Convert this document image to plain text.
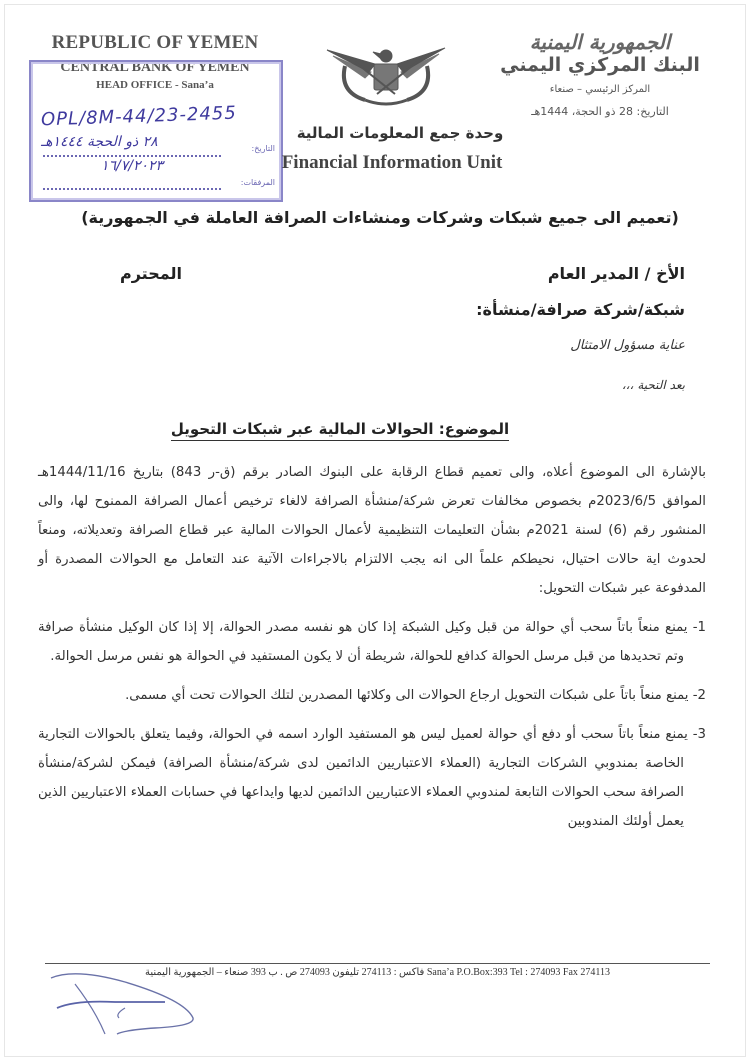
REPUBLIC OF YEMEN
CENTRAL BANK OF YEMEN
HEAD OFFICE - Sana’a
OPL/8M-44/23-2455
٢٨ ذو الحجة ١٤٤٤هـ	التاريخ:
١٦/٧/٢٠٢٣
المرفقات:
الجمهورية اليمنية
البنك المركزي اليمني
المركز الرئيسي – صنعاء
التاريخ: 28 ذو الحجة، 1444هـ
وحدة جمع المعلومات المالية
Financial Information Unit
(تعميم الى جميع شبكات وشركات ومنشاءات الصرافة العاملة في الجمهورية)
الأخ / المدير العام
المحترم
شبكة/شركة صرافة/منشأة:
عناية مسؤول الامتثال
بعد التحية ،،،
الموضوع: الحوالات المالية عبر شبكات التحويل

بالإشارة الى الموضوع أعلاه، والى تعميم قطاع الرقابة على البنوك الصادر برقم (ق-ر 843) بتاريخ 1444/11/16هـ الموافق 2023/6/5م بخصوص مخالفات تعرض شركة/منشأة الصرافة لالغاء ترخيص أعمال الصرافة الممنوح لها، والى المنشور رقم (6) لسنة 2021م بشأن التعليمات التنظيمية لأعمال الحوالات المالية عبر قطاع الصرافة وتعديلاته، ومنعاً لحدوث اية حالات احتيال، نحيطكم علماً الى انه يجب الالتزام بالاجراءات الآتية عند التعامل مع الحوالات المصدرة أو المدفوعة عبر شبكات التحويل:

1- يمنع منعاً باتاً سحب أي حوالة من قبل وكيل الشبكة إذا كان هو نفسه مصدر الحوالة، إلا إذا كان الوكيل منشأة صرافة وتم تحديدها من قبل مرسل الحوالة كدافع للحوالة، شريطة أن لا يكون المستفيد في الحوالة هو نفس مرسل الحوالة.

2- يمنع منعاً باتاً على شبكات التحويل ارجاع الحوالات الى وكلائها المصدرين لتلك الحوالات تحت أي مسمى.

3- يمنع منعاً باتاً سحب أو دفع أي حوالة لعميل ليس هو المستفيد الوارد اسمه في الحوالة، وفيما يتعلق بالحوالات التجارية الخاصة بمندوبي الشركات التجارية (العملاء الاعتباريين الدائمين لدى شركة/منشأة الصرافة) فيمكن لشركة/منشأة الصرافة سحب الحوالات التابعة لمندوبي العملاء الاعتباريين الدائمين لديها وايداعها في حسابات العملاء الاعتباريين الذين يعمل أولئك المندوبين

فاكس : 274113 تليفون 274093 ص . ب 393 صنعاء – الجمهورية اليمنية Sana’a P.O.Box:393 Tel : 274093 Fax 274113
